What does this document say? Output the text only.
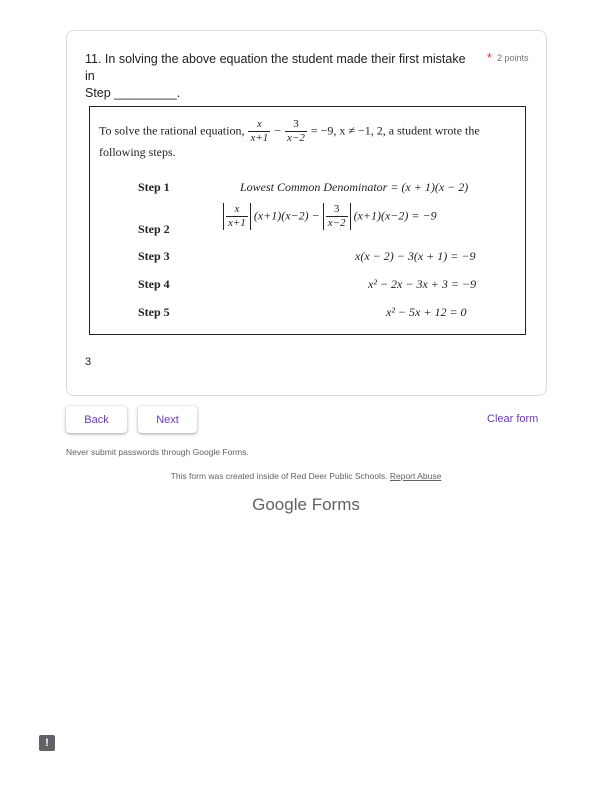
11. In solving the above equation the student made their first mistake in
Step _________.
* 2 points
To solve the rational equation, $\frac{x}{x+1} - \frac{3}{x-2} = -9$, x ≠ −1, 2, a student wrote the
following steps.
Step 1	Lowest Common Denominator = (x + 1)(x − 2)
Step 2	$\frac{x}{x+1} (x+1)(x-2) - \frac{3}{x-2} (x+1)(x-2) = -9$
Step 3	x(x − 2) − 3(x + 1) = −9
Step 4	x² − 2x − 3x + 3 = −9
Step 5	x² − 5x + 12 = 0
3
Back	Next	Clear form
Never submit passwords through Google Forms.
This form was created inside of Red Deer Public Schools. Report Abuse
Google Forms
!
